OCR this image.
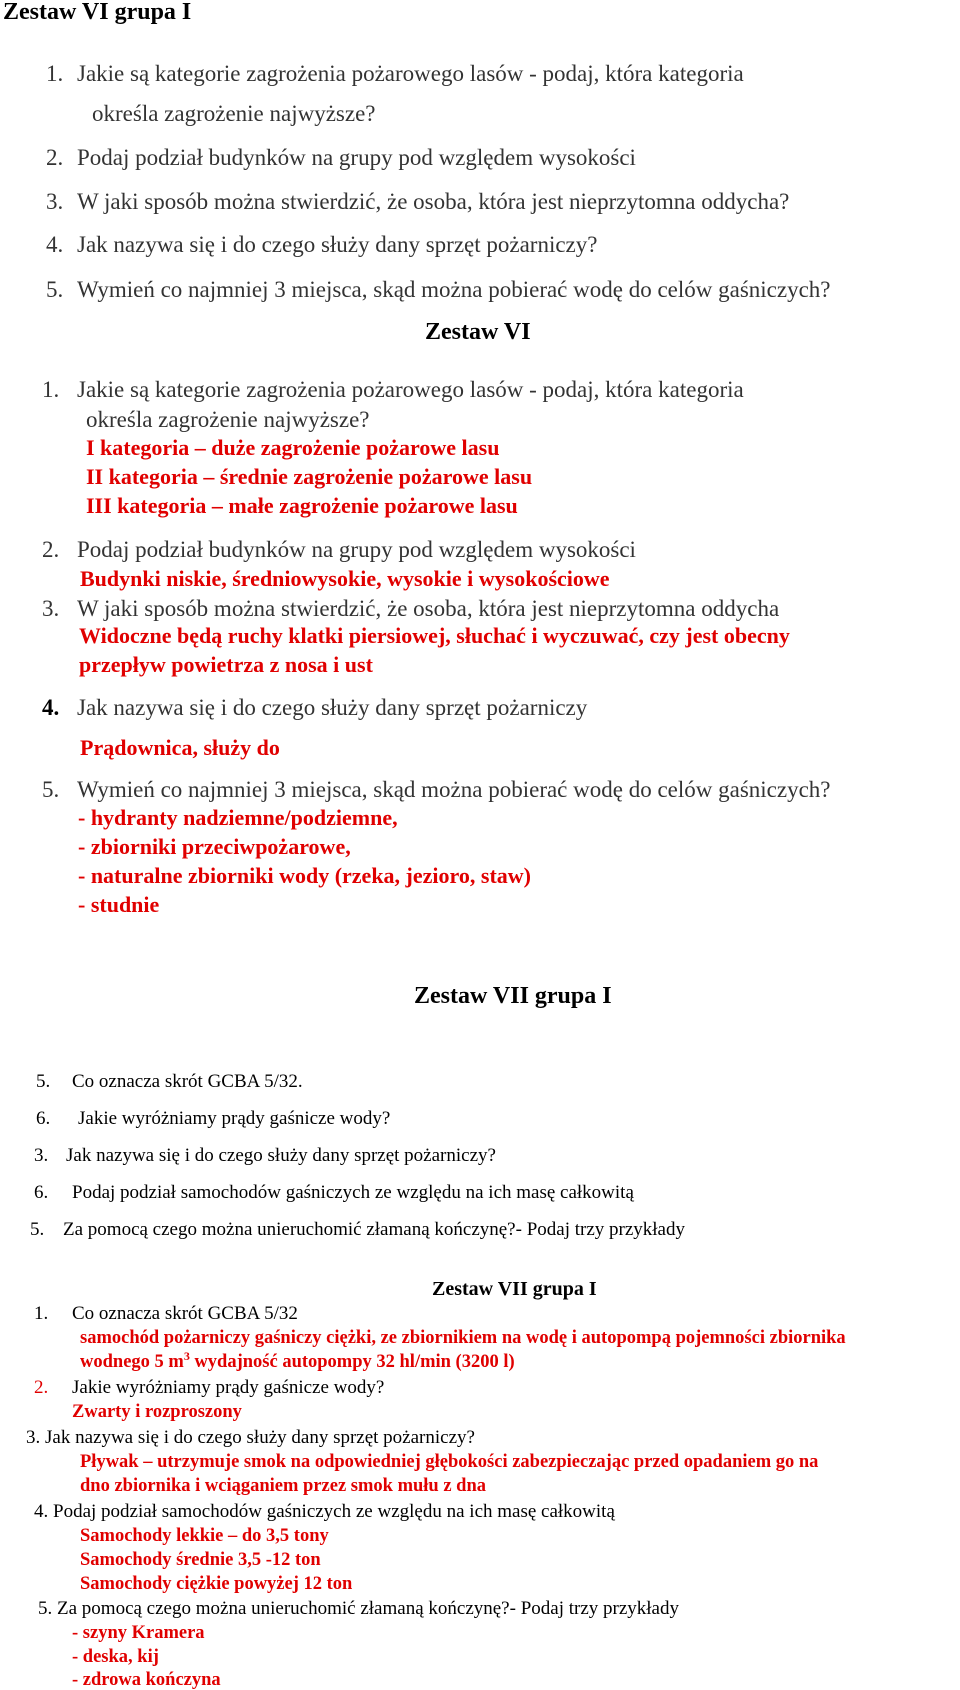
Zestaw VI grupa I
1. Jakie są kategorie zagrożenia pożarowego lasów - podaj, która kategoria
określa zagrożenie najwyższe?
2. Podaj podział budynków na grupy pod względem wysokości
3. W jaki sposób można stwierdzić, że osoba, która jest nieprzytomna oddycha?
4. Jak nazywa się i do czego służy dany sprzęt pożarniczy?
5. Wymień co najmniej 3 miejsca, skąd można pobierać wodę do celów gaśniczych?
Zestaw VI
1. Jakie są kategorie zagrożenia pożarowego lasów - podaj, która kategoria
określa zagrożenie najwyższe?
I kategoria – duże zagrożenie pożarowe lasu
II kategoria – średnie zagrożenie pożarowe lasu
III kategoria – małe zagrożenie pożarowe lasu
2. Podaj podział budynków na grupy pod względem wysokości
Budynki niskie, średniowysokie, wysokie i wysokościowe
3. W jaki sposób można stwierdzić, że osoba, która jest nieprzytomna oddycha
Widoczne będą ruchy klatki piersiowej, słuchać i wyczuwać, czy jest obecny
przepływ powietrza z nosa i ust
4. Jak nazywa się i do czego służy dany sprzęt pożarniczy
Prądownica, służy do
5. Wymień co najmniej 3 miejsca, skąd można pobierać wodę do celów gaśniczych?
- hydranty nadziemne/podziemne,
- zbiorniki przeciwpożarowe,
- naturalne zbiorniki wody (rzeka, jezioro, staw)
- studnie
Zestaw VII grupa I
5. Co oznacza skrót GCBA 5/32.
6. Jakie wyróżniamy prądy gaśnicze wody?
3. Jak nazywa się i do czego służy dany sprzęt pożarniczy?
6. Podaj podział samochodów gaśniczych ze względu na ich masę całkowitą
5. Za pomocą czego można unieruchomić złamaną kończynę?- Podaj trzy przykłady
Zestaw VII grupa I
1. Co oznacza skrót GCBA 5/32
samochód pożarniczy gaśniczy ciężki, ze zbiornikiem na wodę i autopompą pojemności zbiornika
wodnego 5 $m^3$ wydajność autopompy 32 hl/min (3200 l)
2. Jakie wyróżniamy prądy gaśnicze wody?
Zwarty i rozproszony
3. Jak nazywa się i do czego służy dany sprzęt pożarniczy?
Pływak – utrzymuje smok na odpowiedniej głębokości zabezpieczając przed opadaniem go na
dno zbiornika i wciąganiem przez smok mułu z dna
4. Podaj podział samochodów gaśniczych ze względu na ich masę całkowitą
Samochody lekkie – do 3,5 tony
Samochody średnie 3,5 -12 ton
Samochody ciężkie powyżej 12 ton
5. Za pomocą czego można unieruchomić złamaną kończynę?- Podaj trzy przykłady
- szyny Kramera
- deska, kij
- zdrowa kończyna
